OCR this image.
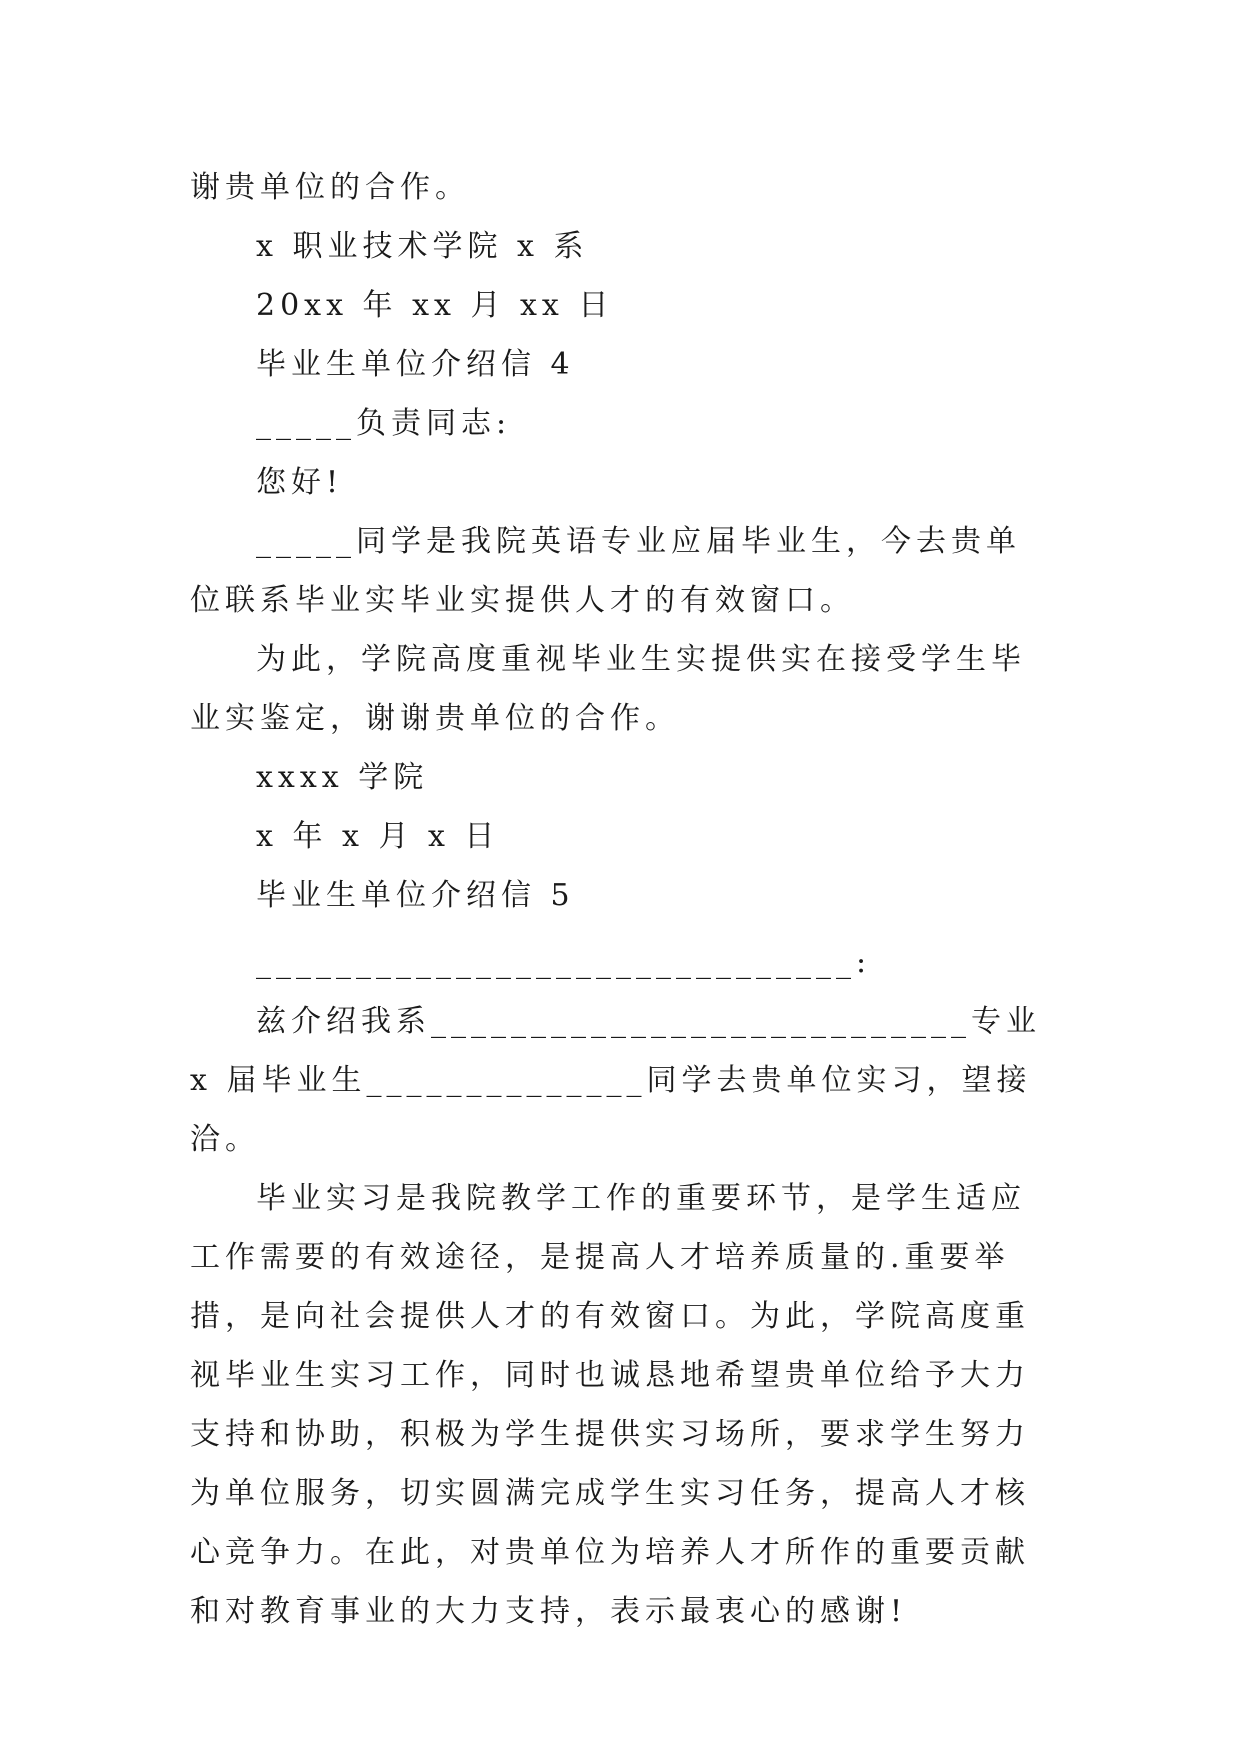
谢贵单位的合作。

x 职业技术学院 x 系

20xx 年 xx 月 xx 日

毕业生单位介绍信 4

_____负责同志:

您好!

_____同学是我院英语专业应届毕业生，今去贵单位联系毕业实毕业实提供人才的有效窗口。

为此，学院高度重视毕业生实提供实在接受学生毕业实鉴定，谢谢贵单位的合作。

xxxx 学院

x 年 x 月 x 日

毕业生单位介绍信 5

______________________________:

兹介绍我系___________________________专业 x 届毕业生______________同学去贵单位实习，望接洽。

毕业实习是我院教学工作的重要环节，是学生适应工作需要的有效途径，是提高人才培养质量的.重要举措，是向社会提供人才的有效窗口。为此，学院高度重视毕业生实习工作，同时也诚恳地希望贵单位给予大力支持和协助，积极为学生提供实习场所，要求学生努力为单位服务，切实圆满完成学生实习任务，提高人才核心竞争力。在此，对贵单位为培养人才所作的重要贡献和对教育事业的大力支持，表示最衷心的感谢!
